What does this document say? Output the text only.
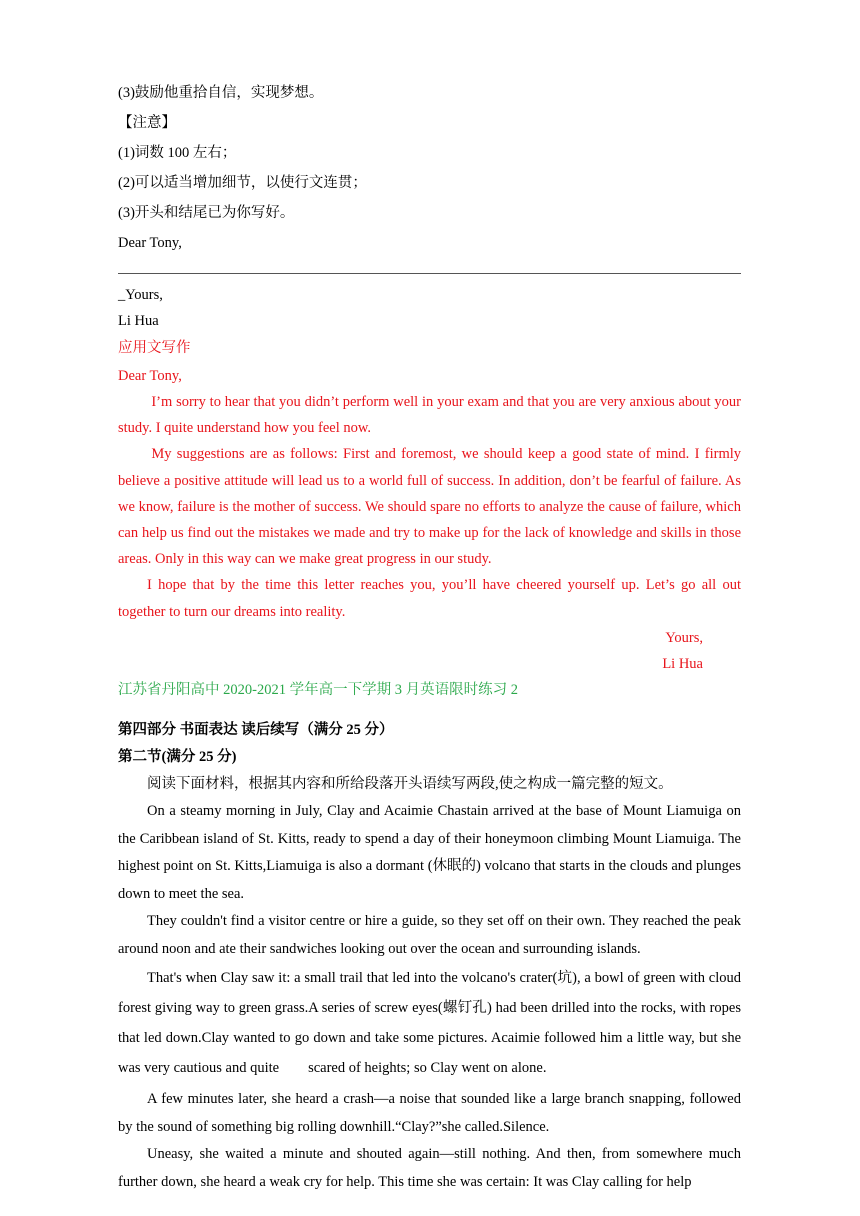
(3)鼓励他重拾自信，实现梦想。
【注意】
(1)词数 100 左右；
(2)可以适当增加细节，以使行文连贯；
(3)开头和结尾已为你写好。
Dear Tony,
_Yours,
Li Hua
应用文写作
Dear Tony,
I’m sorry to hear that you didn’t perform well in your exam and that you are very anxious about your study. I quite understand how you feel now.
My suggestions are as follows: First and foremost, we should keep a good state of mind. I firmly believe a positive attitude will lead us to a world full of success. In addition, don’t be fearful of failure. As we know, failure is the mother of success. We should spare no efforts to analyze the cause of failure, which can help us find out the mistakes we made and try to make up for the lack of knowledge and skills in those areas. Only in this way can we make great progress in our study.
I hope that by the time this letter reaches you, you’ll have cheered yourself up. Let’s go all out together to turn our dreams into reality.
Yours,
Li Hua
江苏省丹阳高中 2020-2021 学年高一下学期 3 月英语限时练习 2
第四部分 书面表达 读后续写（满分 25 分）
第二节(满分 25 分)
阅读下面材料，根据其内容和所给段落开头语续写两段,使之构成一篇完整的短文。
On a steamy morning in July, Clay and Acaimie Chastain arrived at the base of Mount Liamuiga on the Caribbean island of St. Kitts, ready to spend a day of their honeymoon climbing Mount Liamuiga. The highest point on St. Kitts,Liamuiga is also a dormant (休眠的) volcano that starts in the clouds and plunges down to meet the sea.
They couldn't find a visitor centre or hire a guide, so they set off on their own. They reached the peak around noon and ate their sandwiches looking out over the ocean and surrounding islands.
That's when Clay saw it: a small trail that led into the volcano's crater(坑), a bowl of green with cloud forest giving way to green grass.A series of screw eyes(螺钉孔) had been drilled into the rocks, with ropes that led down.Clay wanted to go down and take some pictures. Acaimie followed him a little way, but she was very cautious and quite        scared of heights; so Clay went on alone.
A few minutes later, she heard a crash—a noise that sounded like a large branch snapping, followed by the sound of something big rolling downhill.“Clay?”she called.Silence.
Uneasy, she waited a minute and shouted again—still nothing. And then, from somewhere much further down, she heard a weak cry for help. This time she was certain: It was Clay calling for help
